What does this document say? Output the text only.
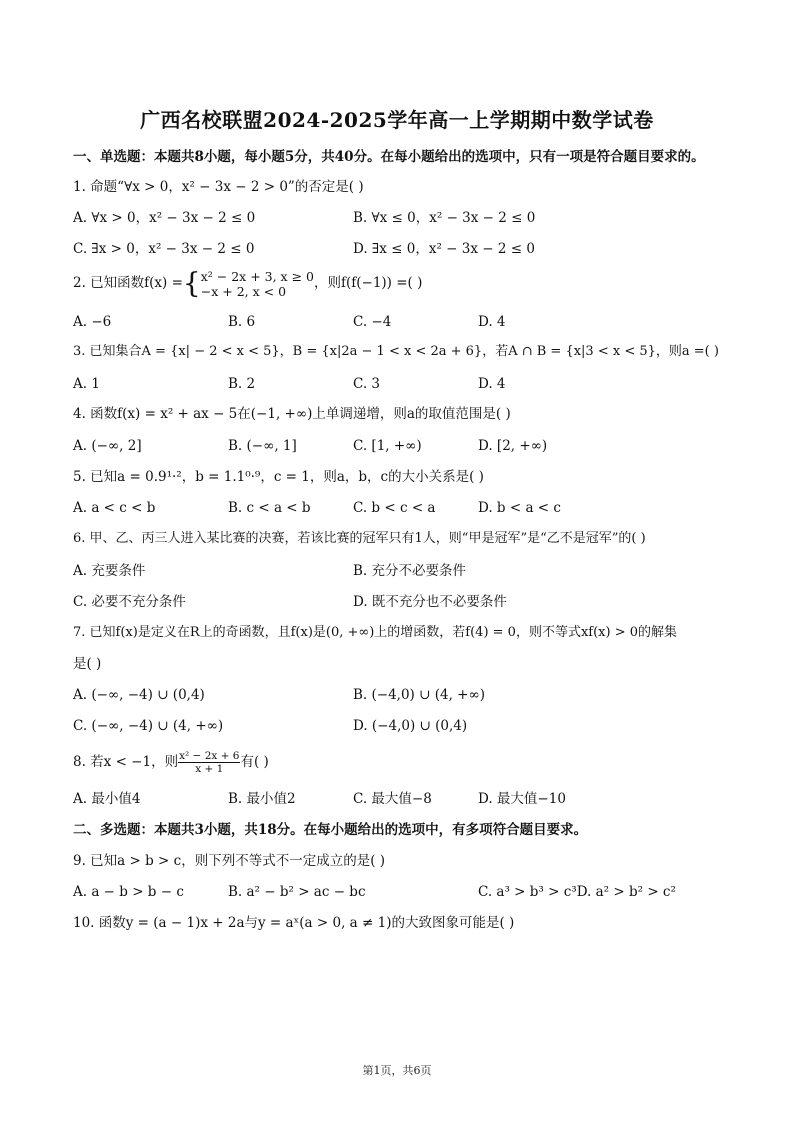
广西名校联盟2024-2025学年高一上学期期中数学试卷
一、单选题：本题共8小题，每小题5分，共40分。在每小题给出的选项中，只有一项是符合题目要求的。
1. 命题“∀x > 0，x² − 3x − 2 > 0”的否定是( )
A. ∀x > 0，x² − 3x − 2 ≤ 0	B. ∀x ≤ 0，x² − 3x − 2 ≤ 0
C. ∃x > 0，x² − 3x − 2 ≤ 0	D. ∃x ≤ 0，x² − 3x − 2 ≤ 0
2. 已知函数f(x) ={ x² − 2x + 3, x ≥ 0
−x + 2, x < 0	，则f(f(−1)) =( )
A. −6	B. 6	C. −4	D. 4
3. 已知集合A = {x| − 2 < x < 5}，B = {x|2a − 1 < x < 2a + 6}，若A ∩ B = {x|3 < x < 5}，则a =( )
A. 1	B. 2	C. 3	D. 4
4. 函数f(x) = x² + ax − 5在(−1, +∞)上单调递增，则a的取值范围是( )
A. (−∞, 2]	B. (−∞, 1]	C. [1, +∞)	D. [2, +∞)
5. 已知a = 0.9¹·²，b = 1.1⁰·⁹，c = 1，则a，b，c的大小关系是( )
A. a < c < b	B. c < a < b	C. b < c < a	D. b < a < c
6. 甲、乙、丙三人进入某比赛的决赛，若该比赛的冠军只有1人，则“甲是冠军”是“乙不是冠军”的( )
A. 充要条件	B. 充分不必要条件
C. 必要不充分条件	D. 既不充分也不必要条件
7. 已知f(x)是定义在R上的奇函数，且f(x)是(0, +∞)上的增函数，若f(4) = 0，则不等式xf(x) > 0的解集
是( )
A. (−∞, −4) ∪ (0,4)	B. (−4,0) ∪ (4, +∞)
C. (−∞, −4) ∪ (4, +∞)	D. (−4,0) ∪ (0,4)
8. 若x < −1，则 $\frac{\text{x² − 2x + 6}}{x + 1}$ 有( )
A. 最小值4	B. 最小值2	C. 最大值−8	D. 最大值−10
二、多选题：本题共3小题，共18分。在每小题给出的选项中，有多项符合题目要求。
9. 已知a > b > c，则下列不等式不一定成立的是( )
A. a − b > b − c	B. a² − b² > ac − bc	C. a³ > b³ > c³D. a² > b² > c²
10. 函数y = (a − 1)x + 2a与y = aˣ(a > 0, a ≠ 1)的大致图象可能是( )
第1页，共6页
